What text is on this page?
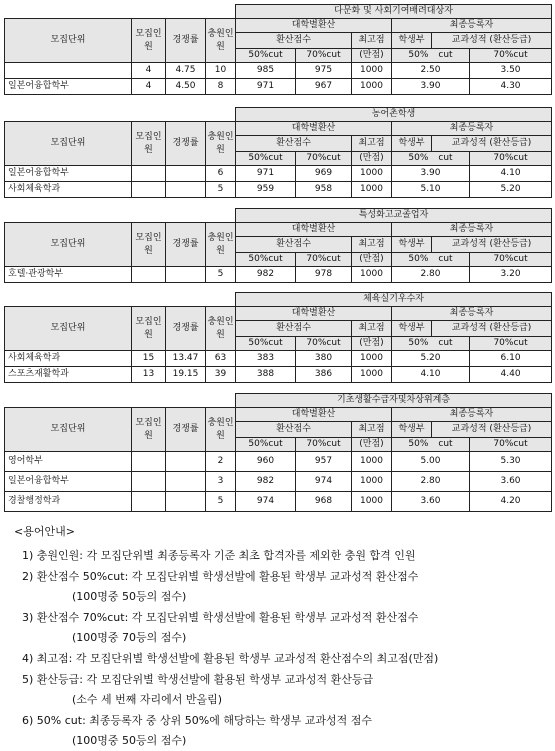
				다문화 및 사회기여배려대상자					
모집단위	모집인원	경쟁률	충원인원	대학별환산			최종등록자		
				환산점수		최고점	학생부	교과성적 (환산등급)	
				50%cut	70%cut	(만점)	50% cut		70%cut
	4	4.75	10	985	975	1000	2.50		3.50
일본어융합학부	4	4.50	8	971	967	1000	3.90		4.30
				농어촌학생					
모집단위	모집인원	경쟁률	충원인원	대학별환산			최종등록자		
				환산점수		최고점	학생부	교과성적 (환산등급)	
				50%cut	70%cut	(만점)	50% cut		70%cut
일본어융합학부			6	971	969	1000	3.90		4.10
사회체육학과			5	959	958	1000	5.10		5.20
				특성화고교졸업자					
모집단위	모집인원	경쟁률	충원인원	대학별환산			최종등록자		
				환산점수		최고점	학생부	교과성적 (환산등급)	
				50%cut	70%cut	(만점)	50% cut		70%cut
호텔·관광학부			5	982	978	1000	2.80		3.20
				체육실기우수자					
모집단위	모집인원	경쟁률	충원인원	대학별환산			최종등록자		
				환산점수		최고점	학생부	교과성적 (환산등급)	
				50%cut	70%cut	(만점)	50% cut		70%cut
사회체육학과	15	13.47	63	383	380	1000	5.20		6.10
스포츠재활학과	13	19.15	39	388	386	1000	4.10		4.40
				기초생활수급자및차상위계층					
모집단위	모집인원	경쟁률	충원인원	대학별환산			최종등록자		
				환산점수		최고점	학생부	교과성적 (환산등급)	
				50%cut	70%cut	(만점)	50% cut		70%cut
영어학부			2	960	957	1000	5.00		5.30
일본어융합학부			3	982	974	1000	2.80		3.60
경찰행정학과			5	974	968	1000	3.60		4.20
<용어안내>
1) 충원인원: 각 모집단위별 최종등록자 기준 최초 합격자를 제외한 충원 합격 인원
2) 환산점수 50%cut: 각 모집단위별 학생선발에 활용된 학생부 교과성적 환산점수
(100명중 50등의 점수)
3) 환산점수 70%cut: 각 모집단위별 학생선발에 활용된 학생부 교과성적 환산점수
(100명중 70등의 점수)
4) 최고점: 각 모집단위별 학생선발에 활용된 학생부 교과성적 환산점수의 최고점(만점)
5) 환산등급: 각 모집단위별 학생선발에 활용된 학생부 교과성적 환산등급
(소수 세 번째 자리에서 반올림)
6) 50% cut: 최종등록자 중 상위 50%에 해당하는 학생부 교과성적 점수
(100명중 50등의 점수)
